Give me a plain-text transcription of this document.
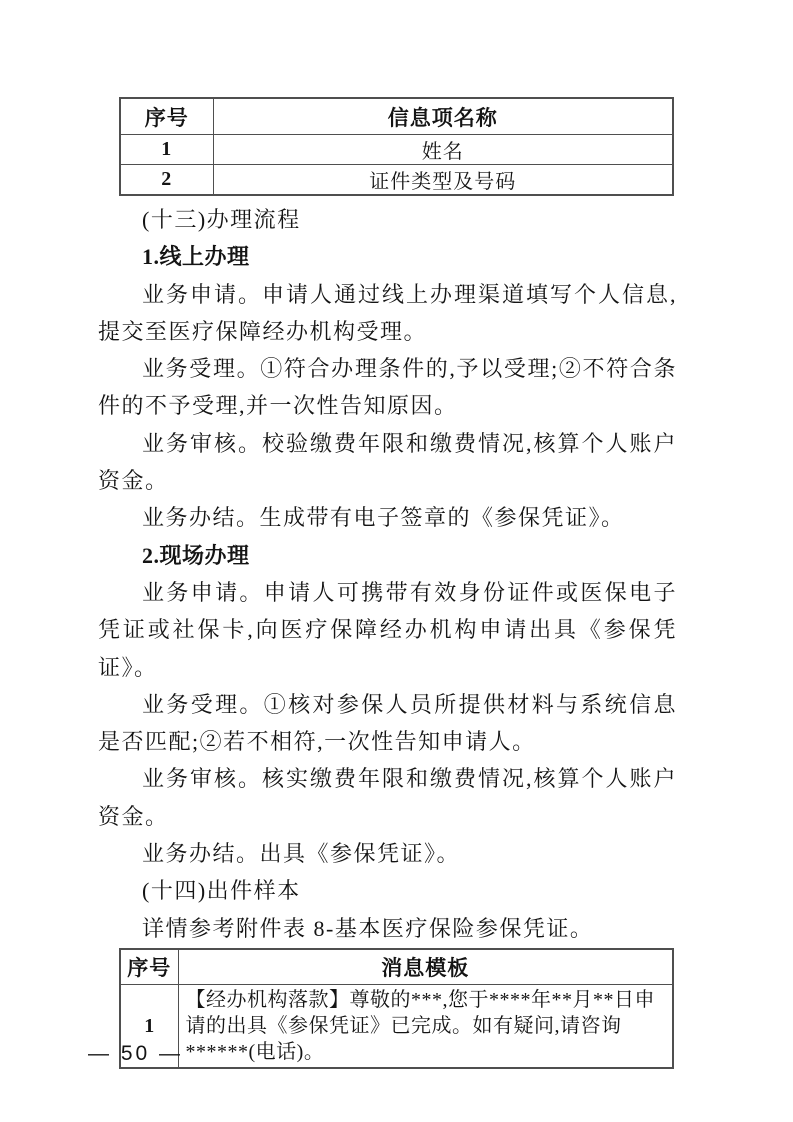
序号	信息项名称
1	姓名
2	证件类型及号码

(十三)办理流程

1.线上办理

业务申请。申请人通过线上办理渠道填写个人信息,提交至医疗保障经办机构受理。

业务受理。①符合办理条件的,予以受理;②不符合条件的不予受理,并一次性告知原因。

业务审核。校验缴费年限和缴费情况,核算个人账户资金。

业务办结。生成带有电子签章的《参保凭证》。

2.现场办理

业务申请。申请人可携带有效身份证件或医保电子凭证或社保卡,向医疗保障经办机构申请出具《参保凭证》。

业务受理。①核对参保人员所提供材料与系统信息是否匹配;②若不相符,一次性告知申请人。

业务审核。核实缴费年限和缴费情况,核算个人账户资金。

业务办结。出具《参保凭证》。

(十四)出件样本

详情参考附件表 8-基本医疗保险参保凭证。

序号	消息模板
1	【经办机构落款】尊敬的***,您于****年**月**日申请的出具《参保凭证》已完成。如有疑问,请咨询******(电话)。
— 50 —
